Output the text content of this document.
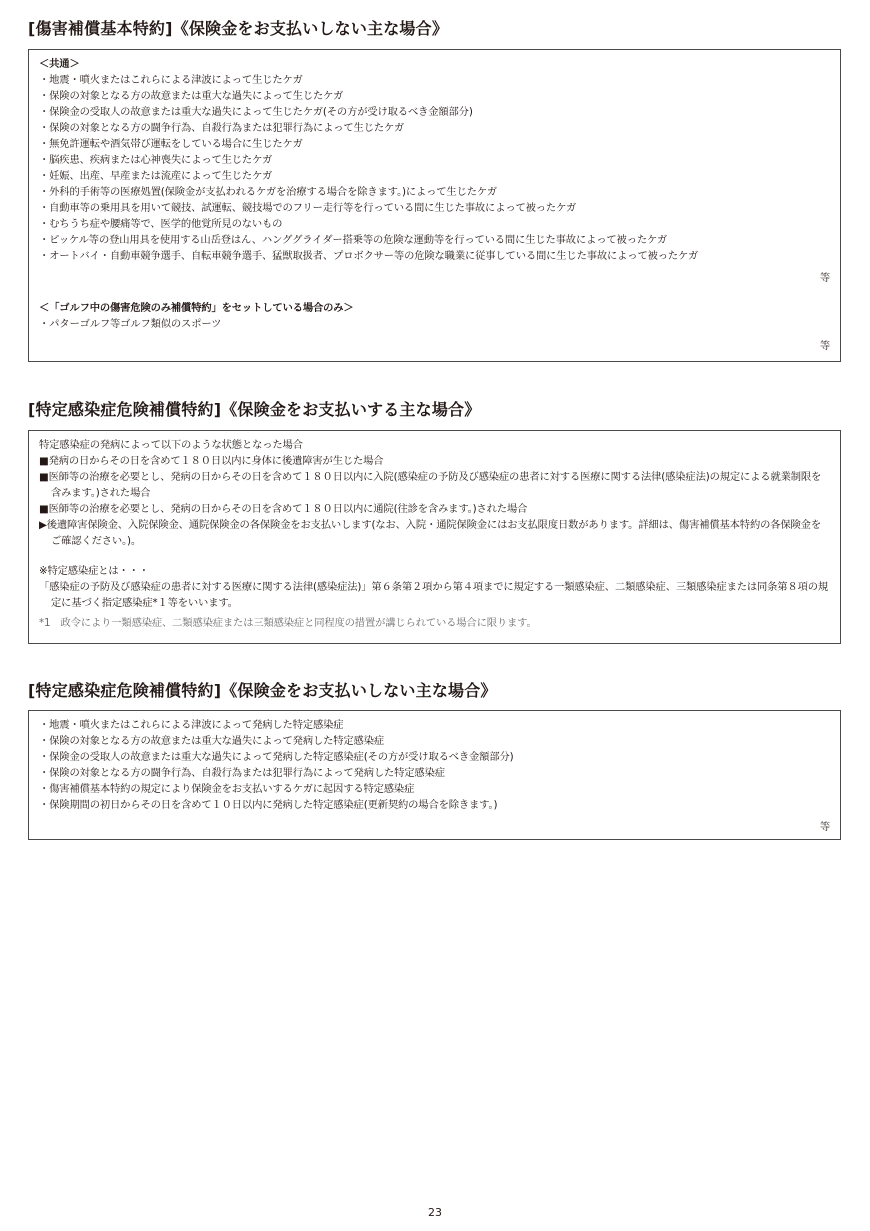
[傷害補償基本特約]《保険金をお支払いしない主な場合》

＜共通＞

・地震・噴火またはこれらによる津波によって生じたケガ

・保険の対象となる方の故意または重大な過失によって生じたケガ

・保険金の受取人の故意または重大な過失によって生じたケガ(その方が受け取るべき金額部分)

・保険の対象となる方の闘争行為、自殺行為または犯罪行為によって生じたケガ

・無免許運転や酒気帯び運転をしている場合に生じたケガ

・脳疾患、疾病または心神喪失によって生じたケガ

・妊娠、出産、早産または流産によって生じたケガ

・外科的手術等の医療処置(保険金が支払われるケガを治療する場合を除きます。)によって生じたケガ

・自動車等の乗用具を用いて競技、試運転、競技場でのフリー走行等を行っている間に生じた事故によって被ったケガ

・むちうち症や腰痛等で、医学的他覚所見のないもの

・ピッケル等の登山用具を使用する山岳登はん、ハンググライダー搭乗等の危険な運動等を行っている間に生じた事故によって被ったケガ

・オートバイ・自動車競争選手、自転車競争選手、猛獣取扱者、プロボクサー等の危険な職業に従事している間に生じた事故によって被ったケガ

等

＜「ゴルフ中の傷害危険のみ補償特約」をセットしている場合のみ＞

・パターゴルフ等ゴルフ類似のスポーツ

等

[特定感染症危険補償特約]《保険金をお支払いする主な場合》

特定感染症の発病によって以下のような状態となった場合

■発病の日からその日を含めて１８０日以内に身体に後遺障害が生じた場合

■医師等の治療を必要とし、発病の日からその日を含めて１８０日以内に入院(感染症の予防及び感染症の患者に対する医療に関する法律(感染症法)の規定による就業制限を含みます。)された場合

■医師等の治療を必要とし、発病の日からその日を含めて１８０日以内に通院(往診を含みます。)された場合

▶後遺障害保険金、入院保険金、通院保険金の各保険金をお支払いします(なお、入院・通院保険金にはお支払限度日数があります。詳細は、傷害補償基本特約の各保険金をご確認ください。)。

※特定感染症とは・・・

「感染症の予防及び感染症の患者に対する医療に関する法律(感染症法)」第６条第２項から第４項までに規定する一類感染症、二類感染症、三類感染症または同条第８項の規定に基づく指定感染症*１等をいいます。

*1　政令により一類感染症、二類感染症または三類感染症と同程度の措置が講じられている場合に限ります。

[特定感染症危険補償特約]《保険金をお支払いしない主な場合》

・地震・噴火またはこれらによる津波によって発病した特定感染症

・保険の対象となる方の故意または重大な過失によって発病した特定感染症

・保険金の受取人の故意または重大な過失によって発病した特定感染症(その方が受け取るべき金額部分)

・保険の対象となる方の闘争行為、自殺行為または犯罪行為によって発病した特定感染症

・傷害補償基本特約の規定により保険金をお支払いするケガに起因する特定感染症

・保険期間の初日からその日を含めて１０日以内に発病した特定感染症(更新契約の場合を除きます。)

等

23
